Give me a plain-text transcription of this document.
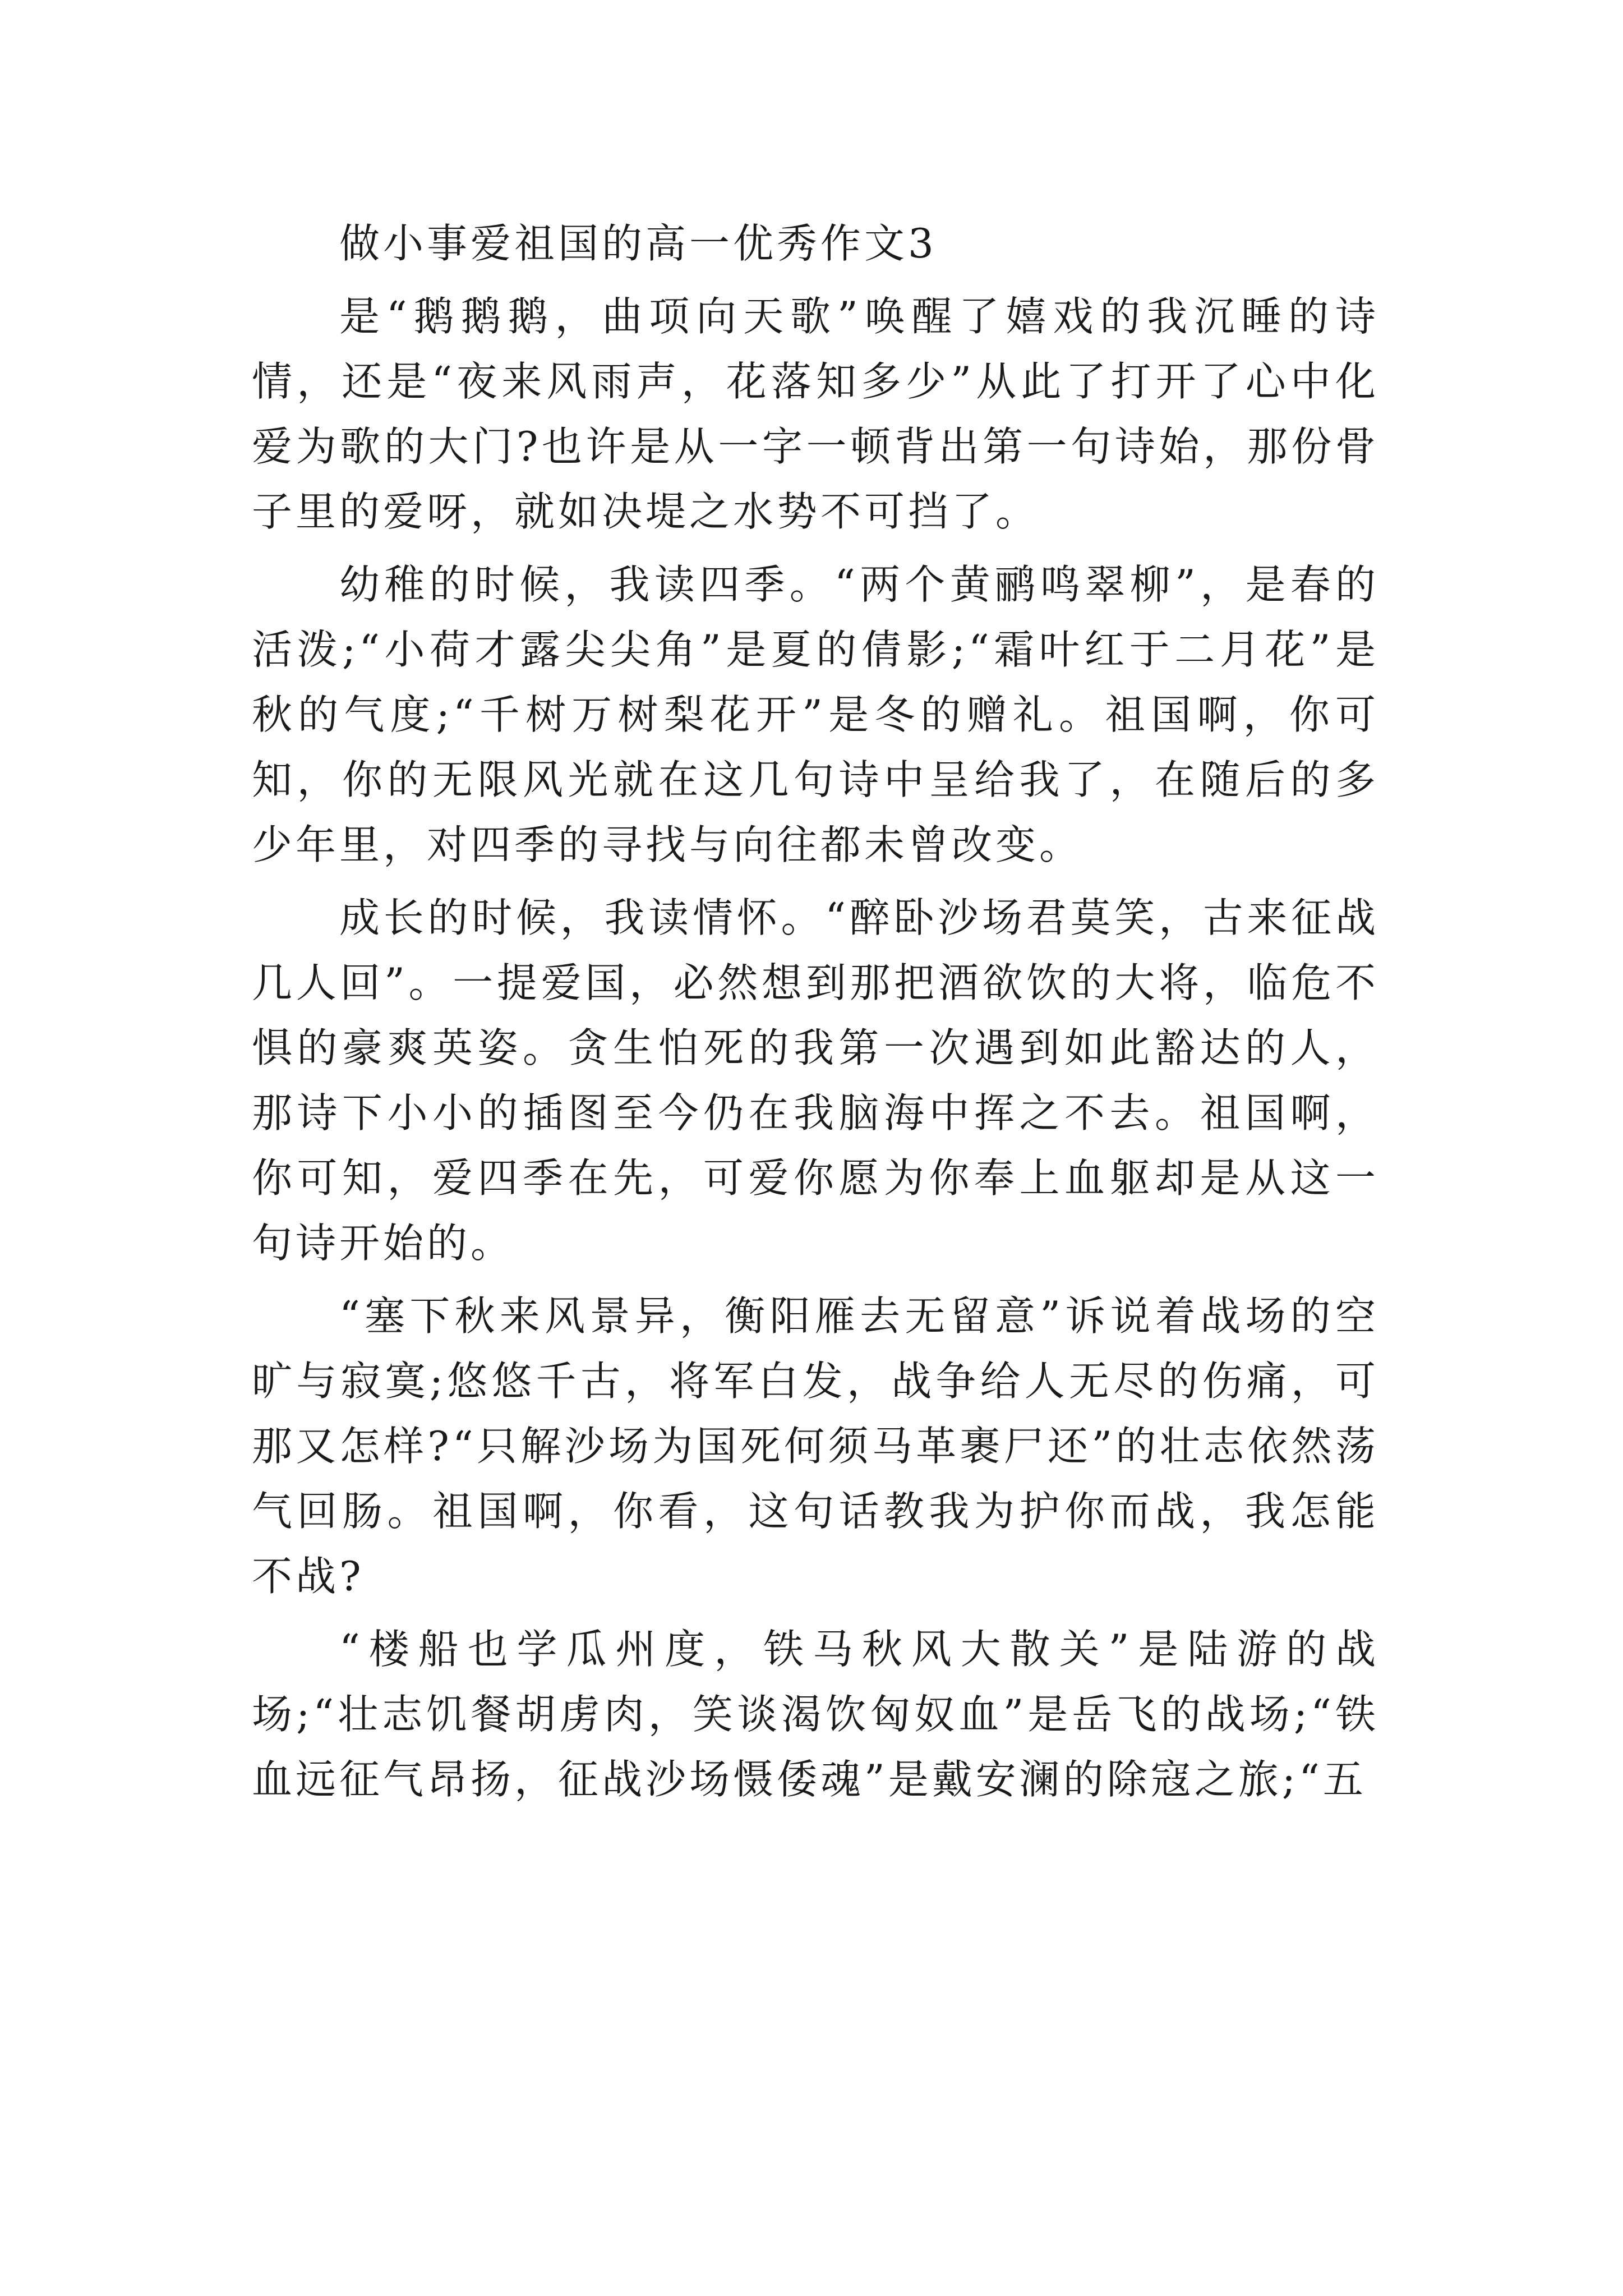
做小事爱祖国的高一优秀作文3

是“鹅鹅鹅，曲项向天歌”唤醒了嬉戏的我沉睡的诗情，还是“夜来风雨声，花落知多少”从此了打开了心中化爱为歌的大门?也许是从一字一顿背出第一句诗始，那份骨子里的爱呀，就如决堤之水势不可挡了。

幼稚的时候，我读四季。“两个黄鹂鸣翠柳”，是春的活泼;“小荷才露尖尖角”是夏的倩影;“霜叶红于二月花”是秋的气度;“千树万树梨花开”是冬的赠礼。祖国啊，你可知，你的无限风光就在这几句诗中呈给我了，在随后的多少年里，对四季的寻找与向往都未曾改变。

成长的时候，我读情怀。“醉卧沙场君莫笑，古来征战几人回”。一提爱国，必然想到那把酒欲饮的大将，临危不惧的豪爽英姿。贪生怕死的我第一次遇到如此豁达的人，那诗下小小的插图至今仍在我脑海中挥之不去。祖国啊，你可知，爱四季在先，可爱你愿为你奉上血躯却是从这一句诗开始的。

“塞下秋来风景异，衡阳雁去无留意”诉说着战场的空旷与寂寞;悠悠千古，将军白发，战争给人无尽的伤痛，可那又怎样?“只解沙场为国死何须马革裹尸还”的壮志依然荡气回肠。祖国啊，你看，这句话教我为护你而战，我怎能不战?

“楼船也学瓜州度，铁马秋风大散关”是陆游的战场;“壮志饥餐胡虏肉，笑谈渴饮匈奴血”是岳飞的战场;“铁血远征气昂扬，征战沙场慑倭魂”是戴安澜的除寇之旅;“五
